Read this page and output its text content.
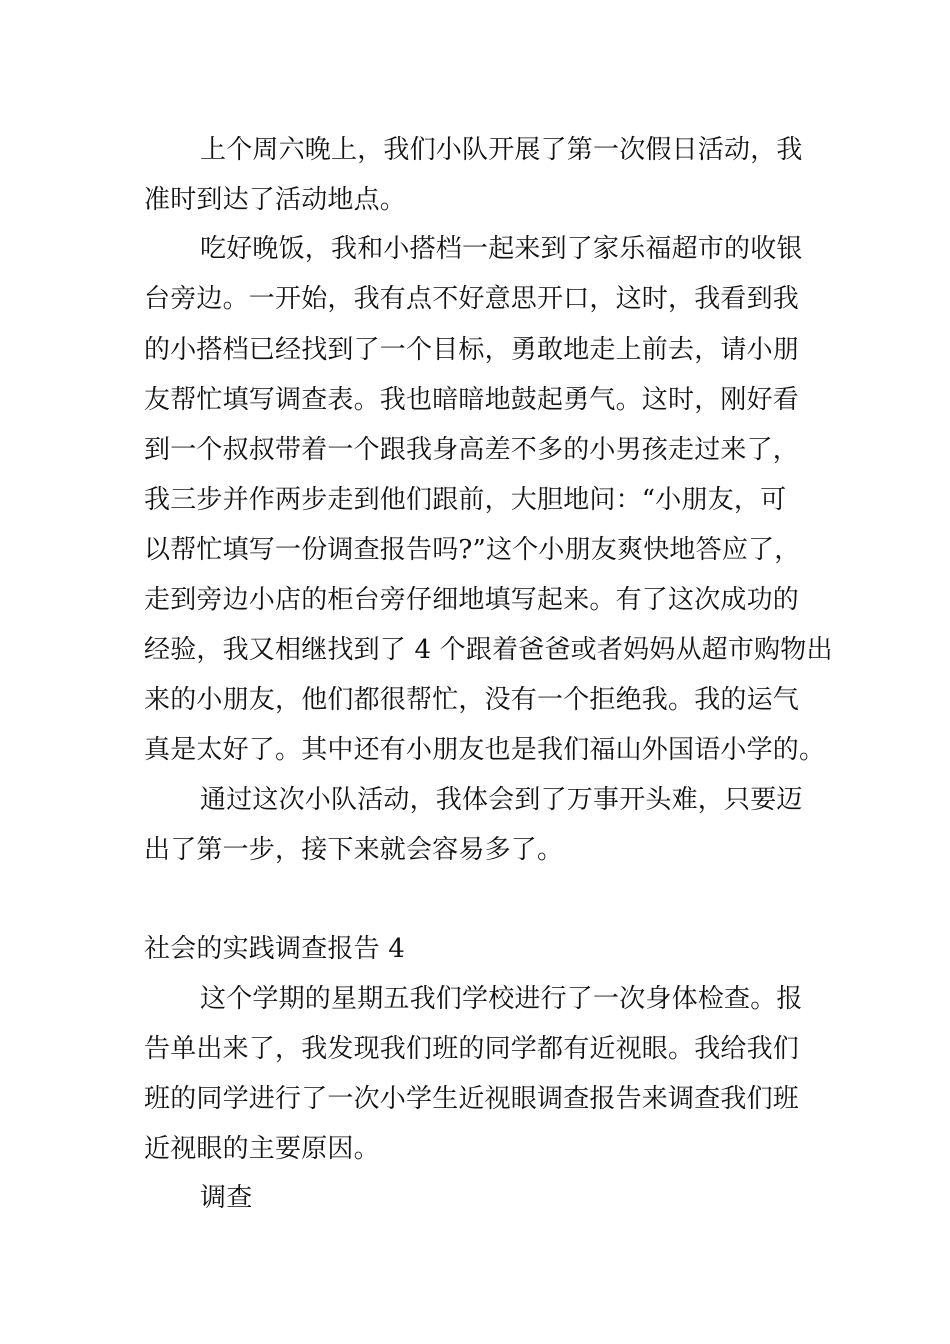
上个周六晚上，我们小队开展了第一次假日活动，我
准时到达了活动地点。
吃好晚饭，我和小搭档一起来到了家乐福超市的收银
台旁边。一开始，我有点不好意思开口，这时，我看到我
的小搭档已经找到了一个目标，勇敢地走上前去，请小朋
友帮忙填写调查表。我也暗暗地鼓起勇气。这时，刚好看
到一个叔叔带着一个跟我身高差不多的小男孩走过来了，
我三步并作两步走到他们跟前，大胆地问：“小朋友，可
以帮忙填写一份调查报告吗?”这个小朋友爽快地答应了，
走到旁边小店的柜台旁仔细地填写起来。有了这次成功的
经验，我又相继找到了 4 个跟着爸爸或者妈妈从超市购物出
来的小朋友，他们都很帮忙，没有一个拒绝我。我的运气
真是太好了。其中还有小朋友也是我们福山外国语小学的。
通过这次小队活动，我体会到了万事开头难，只要迈
出了第一步，接下来就会容易多了。
社会的实践调查报告 4
这个学期的星期五我们学校进行了一次身体检查。报
告单出来了，我发现我们班的同学都有近视眼。我给我们
班的同学进行了一次小学生近视眼调查报告来调查我们班
近视眼的主要原因。
调查
